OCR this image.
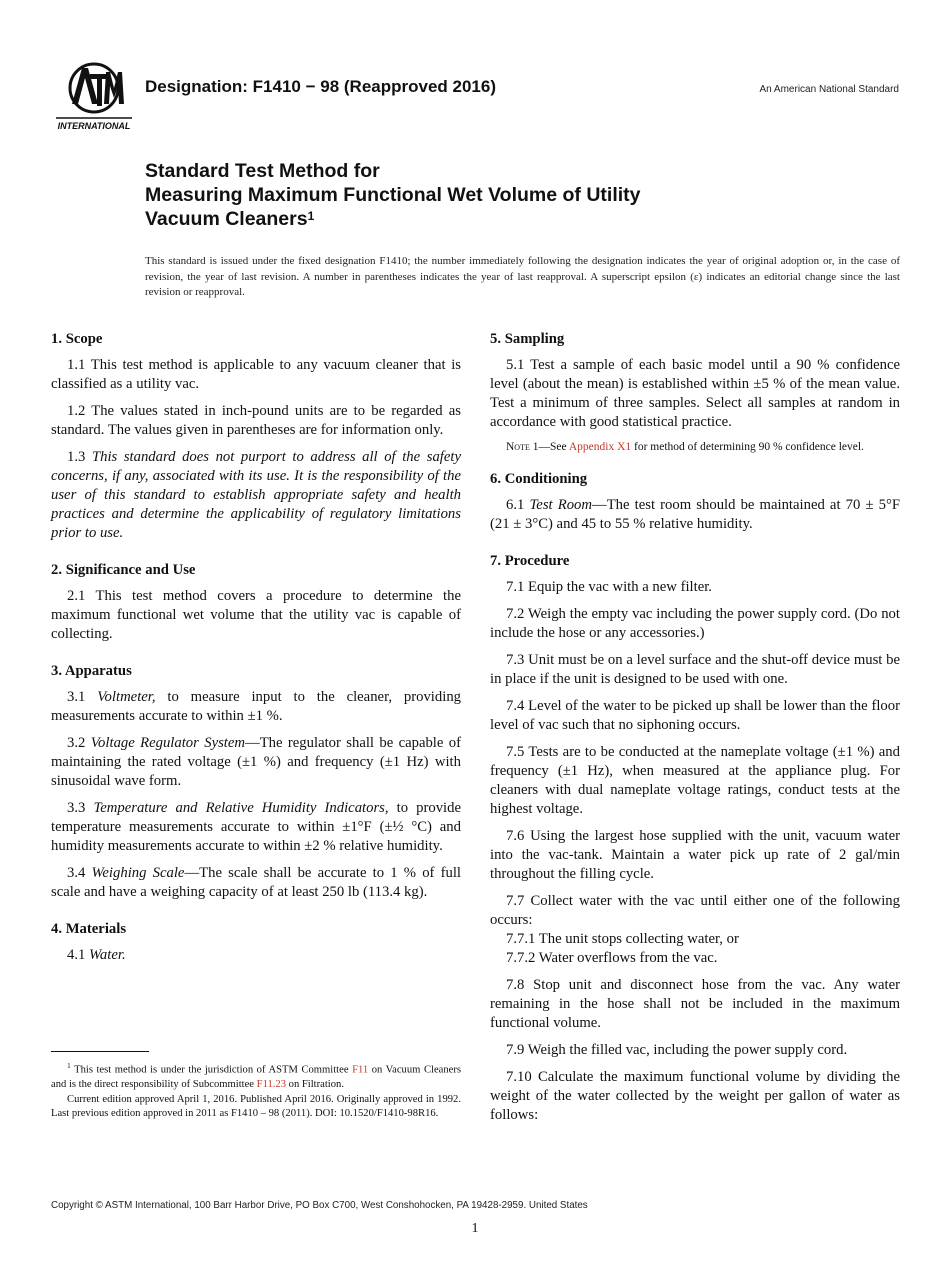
INTERNATIONAL
Designation: F1410 − 98 (Reapproved 2016)	An American National Standard
Standard Test Method for
Measuring Maximum Functional Wet Volume of Utility
Vacuum Cleaners$^1$
This standard is issued under the fixed designation F1410; the number immediately following the designation indicates the year of original adoption or, in the case of revision, the year of last revision. A number in parentheses indicates the year of last reapproval. A superscript epsilon (ε) indicates an editorial change since the last revision or reapproval.
1. Scope

1.1 This test method is applicable to any vacuum cleaner that is classified as a utility vac.

1.2 The values stated in inch-pound units are to be regarded as standard. The values given in parentheses are for information only.

1.3 This standard does not purport to address all of the safety concerns, if any, associated with its use. It is the responsibility of the user of this standard to establish appropriate safety and health practices and determine the applicability of regulatory limitations prior to use.

2. Significance and Use

2.1 This test method covers a procedure to determine the maximum functional wet volume that the utility vac is capable of collecting.

3. Apparatus

3.1 Voltmeter, to measure input to the cleaner, providing measurements accurate to within ±1 %.

3.2 Voltage Regulator System—The regulator shall be capable of maintaining the rated voltage (±1 %) and frequency (±1 Hz) with sinusoidal wave form.

3.3 Temperature and Relative Humidity Indicators, to provide temperature measurements accurate to within ±1°F (±½ °C) and humidity measurements accurate to within ±2 % relative humidity.

3.4 Weighing Scale—The scale shall be accurate to 1 % of full scale and have a weighing capacity of at least 250 lb (113.4 kg).

4. Materials

4.1 Water.

5. Sampling

5.1 Test a sample of each basic model until a 90 % confidence level (about the mean) is established within ±5 % of the mean value. Test a minimum of three samples. Select all samples at random in accordance with good statistical practice.

Note 1—See Appendix X1 for method of determining 90 % confidence level.
6. Conditioning

6.1 Test Room—The test room should be maintained at 70 ± 5°F (21 ± 3°C) and 45 to 55 % relative humidity.

7. Procedure

7.1 Equip the vac with a new filter.

7.2 Weigh the empty vac including the power supply cord. (Do not include the hose or any accessories.)

7.3 Unit must be on a level surface and the shut-off device must be in place if the unit is designed to be used with one.

7.4 Level of the water to be picked up shall be lower than the floor level of vac such that no siphoning occurs.

7.5 Tests are to be conducted at the nameplate voltage (±1 %) and frequency (±1 Hz), when measured at the appliance plug. For cleaners with dual nameplate voltage ratings, conduct tests at the highest voltage.

7.6 Using the largest hose supplied with the unit, vacuum water into the vac-tank. Maintain a water pick up rate of 2 gal/min throughout the filling cycle.

7.7 Collect water with the vac until either one of the following occurs:

7.7.1 The unit stops collecting water, or

7.7.2 Water overflows from the vac.

7.8 Stop unit and disconnect hose from the vac. Any water remaining in the hose shall not be included in the maximum functional volume.

7.9 Weigh the filled vac, including the power supply cord.

7.10 Calculate the maximum functional volume by dividing the weight of the water collected by the weight per gallon of water as follows:

$^1$ This test method is under the jurisdiction of ASTM Committee F11 on Vacuum Cleaners and is the direct responsibility of Subcommittee F11.23 on Filtration.

Current edition approved April 1, 2016. Published April 2016. Originally approved in 1992. Last previous edition approved in 2011 as F1410 – 98 (2011). DOI: 10.1520/F1410-98R16.

Copyright © ASTM International, 100 Barr Harbor Drive, PO Box C700, West Conshohocken, PA 19428-2959. United States
1
